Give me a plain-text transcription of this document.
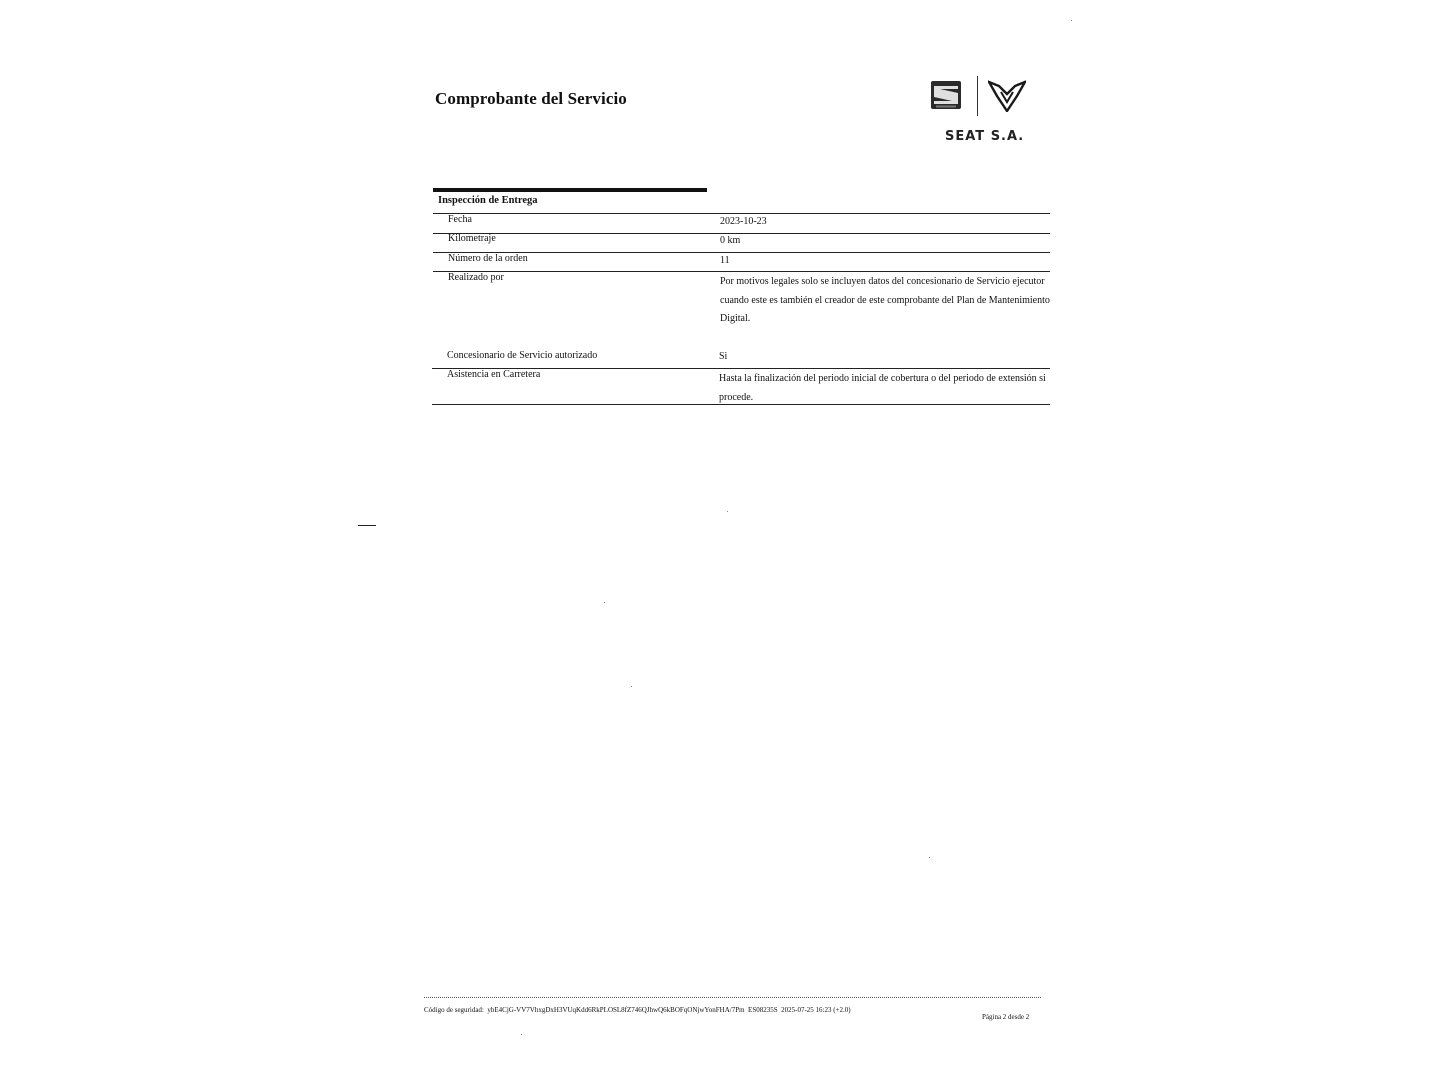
Comprobante del Servicio
SEAT S.A.
Inspección de Entrega
Fecha	2023-10-23
Kilometraje	0 km
Número de la orden	11
Realizado por	Por motivos legales solo se incluyen datos del concesionario de Servicio ejecutor cuando este es también el creador de este comprobante del Plan de Mantenimiento Digital.
Concesionario de Servicio autorizado	Si
Asistencia en Carretera	Hasta la finalización del periodo inicial de cobertura o del periodo de extensión si procede.
Código de seguridad: ybE4CjG-VV7VhxgDxH3VUqKdd6RkPLOSL8fZ746QJhwQ6kBOFqONjwYonFHA/7Pm ES08235S 2025-07-25 16:23 (+2.0)
Página 2 desde 2
